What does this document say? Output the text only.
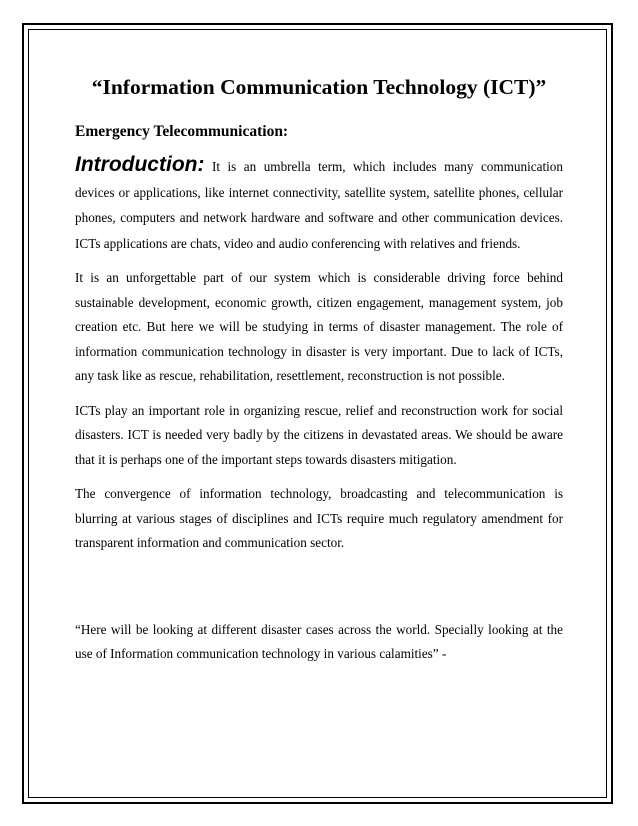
“Information Communication Technology (ICT)”
Emergency Telecommunication:

Introduction: It is an umbrella term, which includes many communication devices or applications, like internet connectivity, satellite system, satellite phones, cellular phones, computers and network hardware and software and other communication devices. ICTs applications are chats, video and audio conferencing with relatives and friends.

It is an unforgettable part of our system which is considerable driving force behind sustainable development, economic growth, citizen engagement, management system, job creation etc. But here we will be studying in terms of disaster management. The role of information communication technology in disaster is very important. Due to lack of ICTs, any task like as rescue, rehabilitation, resettlement, reconstruction is not possible.

ICTs play an important role in organizing rescue, relief and reconstruction work for social disasters. ICT is needed very badly by the citizens in devastated areas. We should be aware that it is perhaps one of the important steps towards disasters mitigation.

The convergence of information technology, broadcasting and telecommunication is blurring at various stages of disciplines and ICTs require much regulatory amendment for transparent information and communication sector.

“Here will be looking at different disaster cases across the world. Specially looking at the use of Information communication technology in various calamities” -
